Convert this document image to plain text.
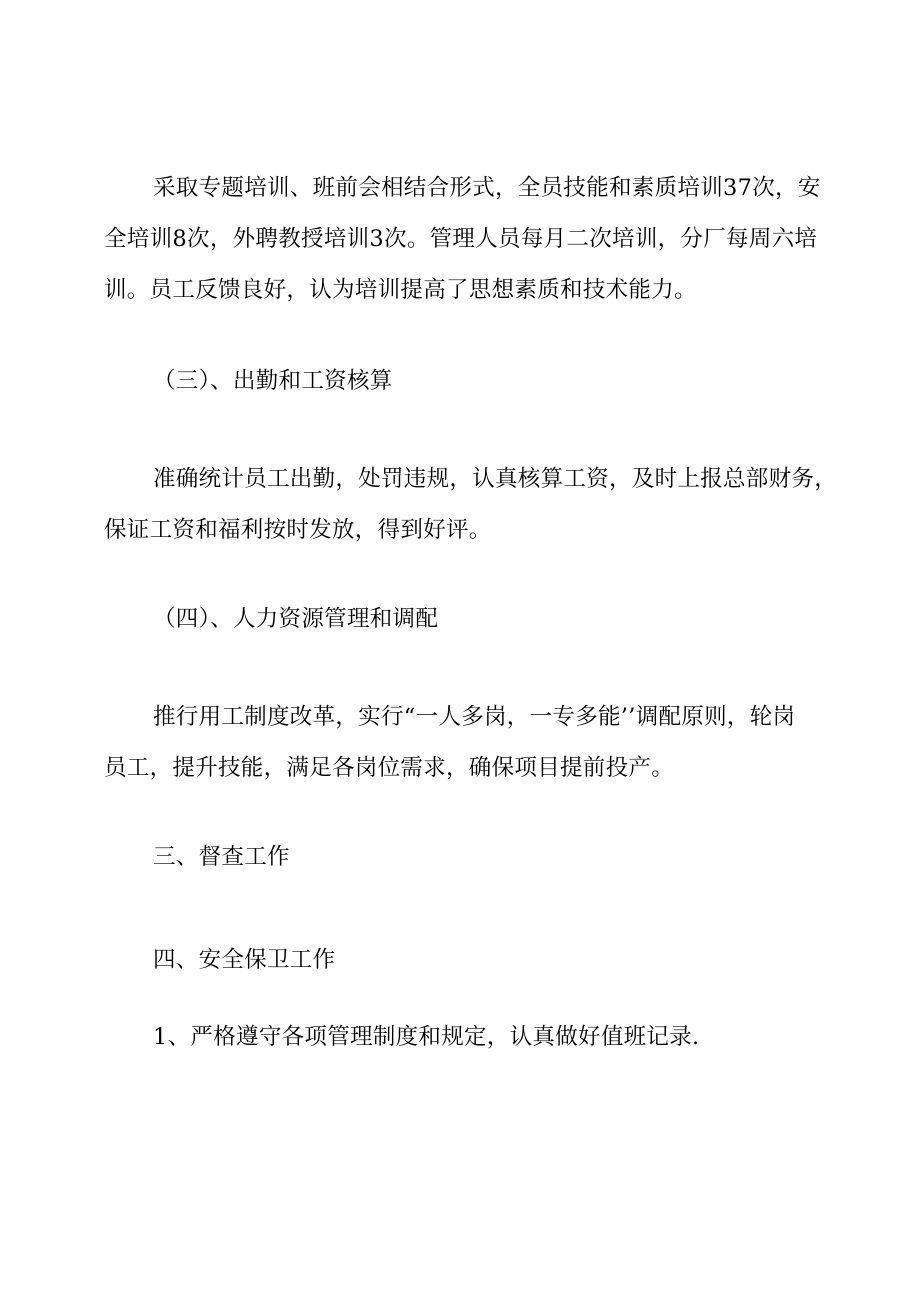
采取专题培训、班前会相结合形式，全员技能和素质培训37次，安
全培训8次，外聘教授培训3次。管理人员每月二次培训，分厂每周六培
训。员工反馈良好，认为培训提高了思想素质和技术能力。
（三）、出勤和工资核算
准确统计员工出勤，处罚违规，认真核算工资，及时上报总部财务，
保证工资和福利按时发放，得到好评。
（四）、人力资源管理和调配
推行用工制度改革，实行“一人多岗，一专多能’’调配原则，轮岗
员工，提升技能，满足各岗位需求，确保项目提前投产。
三、督查工作
四、安全保卫工作
1、严格遵守各项管理制度和规定，认真做好值班记录.
